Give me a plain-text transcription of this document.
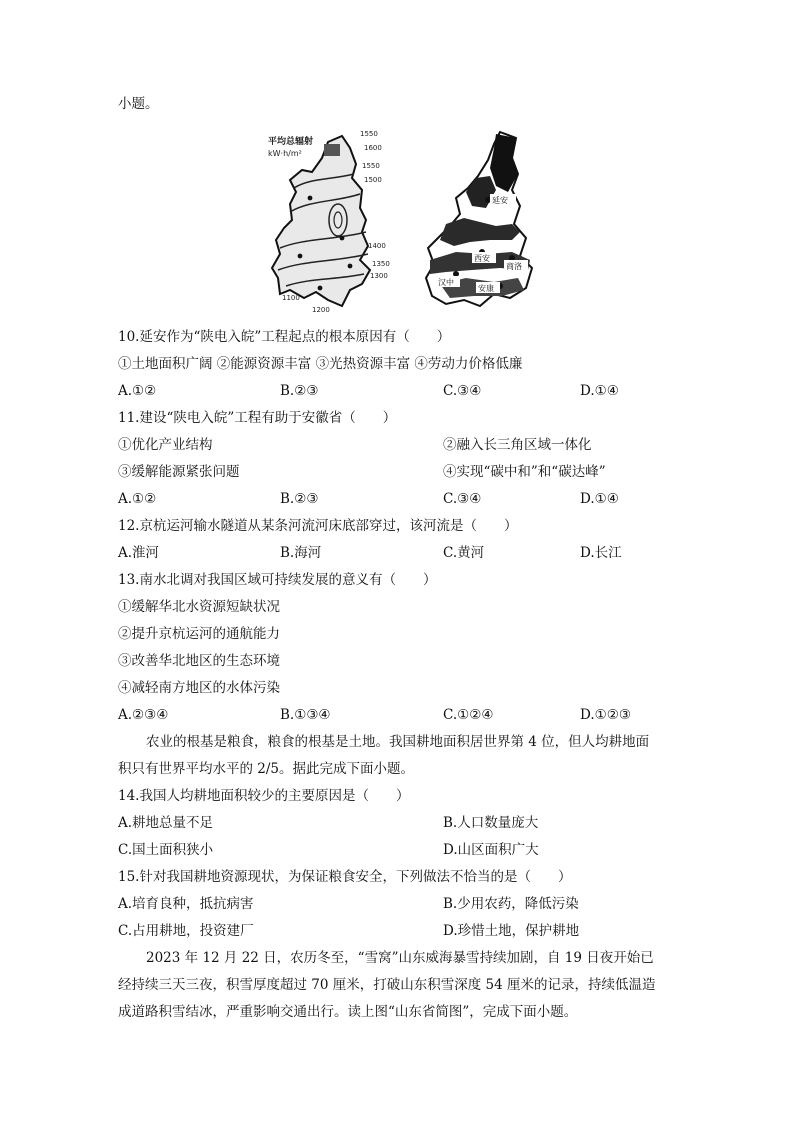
小题。
平均总辐射
kW·h/m²
1550
1600
1550
1500
1400
1350
1300
1100
1200
延安
西安
商洛
汉中
安康
10.延安作为“陕电入皖”工程起点的根本原因有（　　）
①土地面积广阔 ②能源资源丰富 ③光热资源丰富 ④劳动力价格低廉
A.①②	B.②③	C.③④	D.①④
11.建设“陕电入皖”工程有助于安徽省（　　）
①优化产业结构	②融入长三角区域一体化
③缓解能源紧张问题	④实现“碳中和”和“碳达峰”
A.①②	B.②③	C.③④	D.①④
12.京杭运河输水隧道从某条河流河床底部穿过，该河流是（　　）
A.淮河	B.海河	C.黄河	D.长江
13.南水北调对我国区域可持续发展的意义有（　　）
①缓解华北水资源短缺状况
②提升京杭运河的通航能力
③改善华北地区的生态环境
④减轻南方地区的水体污染
A.②③④	B.①③④	C.①②④	D.①②③
农业的根基是粮食，粮食的根基是土地。我国耕地面积居世界第 4 位，但人均耕地面
积只有世界平均水平的 2/5。据此完成下面小题。
14.我国人均耕地面积较少的主要原因是（　　）
A.耕地总量不足	B.人口数量庞大
C.国土面积狭小	D.山区面积广大
15.针对我国耕地资源现状，为保证粮食安全，下列做法不恰当的是（　　）
A.培育良种，抵抗病害	B.少用农药，降低污染
C.占用耕地，投资建厂	D.珍惜土地，保护耕地
2023 年 12 月 22 日，农历冬至，“雪窝”山东威海暴雪持续加剧，自 19 日夜开始已
经持续三天三夜，积雪厚度超过 70 厘米，打破山东积雪深度 54 厘米的记录，持续低温造
成道路积雪结冰，严重影响交通出行。读上图“山东省简图”，完成下面小题。
